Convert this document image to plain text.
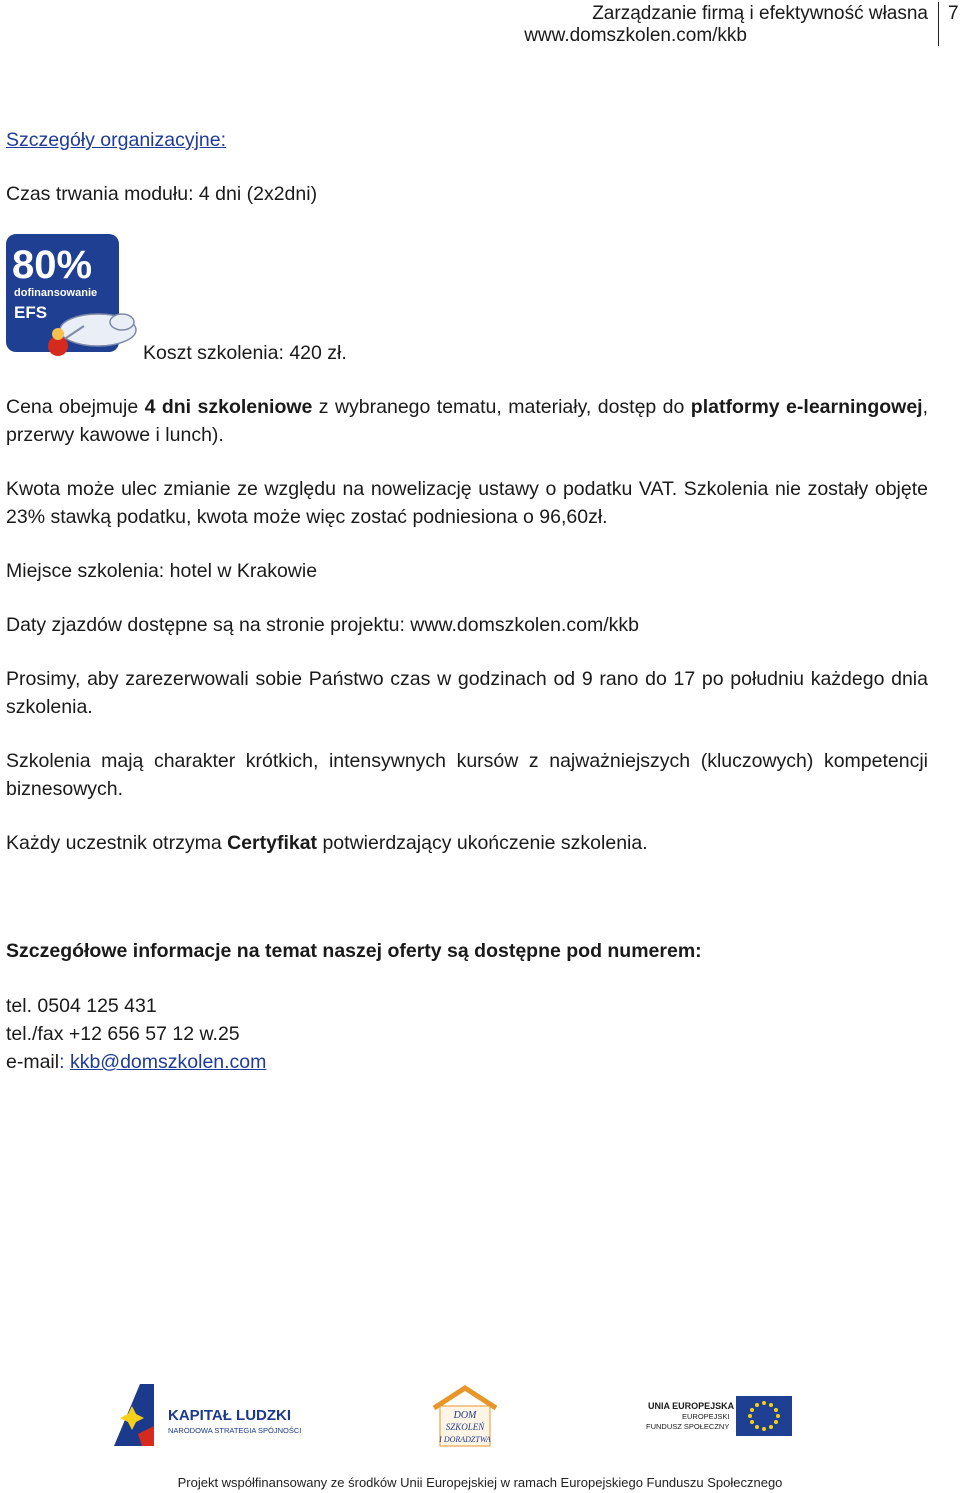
Zarządzanie firmą i efektywność własna
www.domszkolen.com/kkb
7
Szczegóły organizacyjne:
Czas trwania modułu: 4 dni (2x2dni)
80%
dofinansowanie
EFS
Koszt szkolenia: 420 zł.
Cena obejmuje 4 dni szkoleniowe z wybranego tematu, materiały, dostęp do platformy e-learningowej, przerwy kawowe i lunch).
Kwota może ulec zmianie ze względu na nowelizację ustawy o podatku VAT. Szkolenia nie zostały objęte 23% stawką podatku, kwota może więc zostać podniesiona o 96,60zł.
Miejsce szkolenia: hotel w Krakowie
Daty zjazdów dostępne są na stronie projektu: www.domszkolen.com/kkb
Prosimy, aby zarezerwowali sobie Państwo czas w godzinach od 9 rano do 17 po południu każdego dnia szkolenia.
Szkolenia mają charakter krótkich, intensywnych kursów z najważniejszych (kluczowych) kompetencji biznesowych.
Każdy uczestnik otrzyma Certyfikat potwierdzający ukończenie szkolenia.
Szczegółowe informacje na temat naszej oferty są dostępne pod numerem:
tel. 0504 125 431
tel./fax +12 656 57 12 w.25
e-mail: kkb@domszkolen.com
KAPITAŁ LUDZKI
NARODOWA STRATEGIA SPÓJNOŚCI
DOM
SZKOLEŃ
I DORADZTWA
UNIA EUROPEJSKA
EUROPEJSKI
FUNDUSZ SPOŁECZNY
Projekt współfinansowany ze środków Unii Europejskiej w ramach Europejskiego Funduszu Społecznego
